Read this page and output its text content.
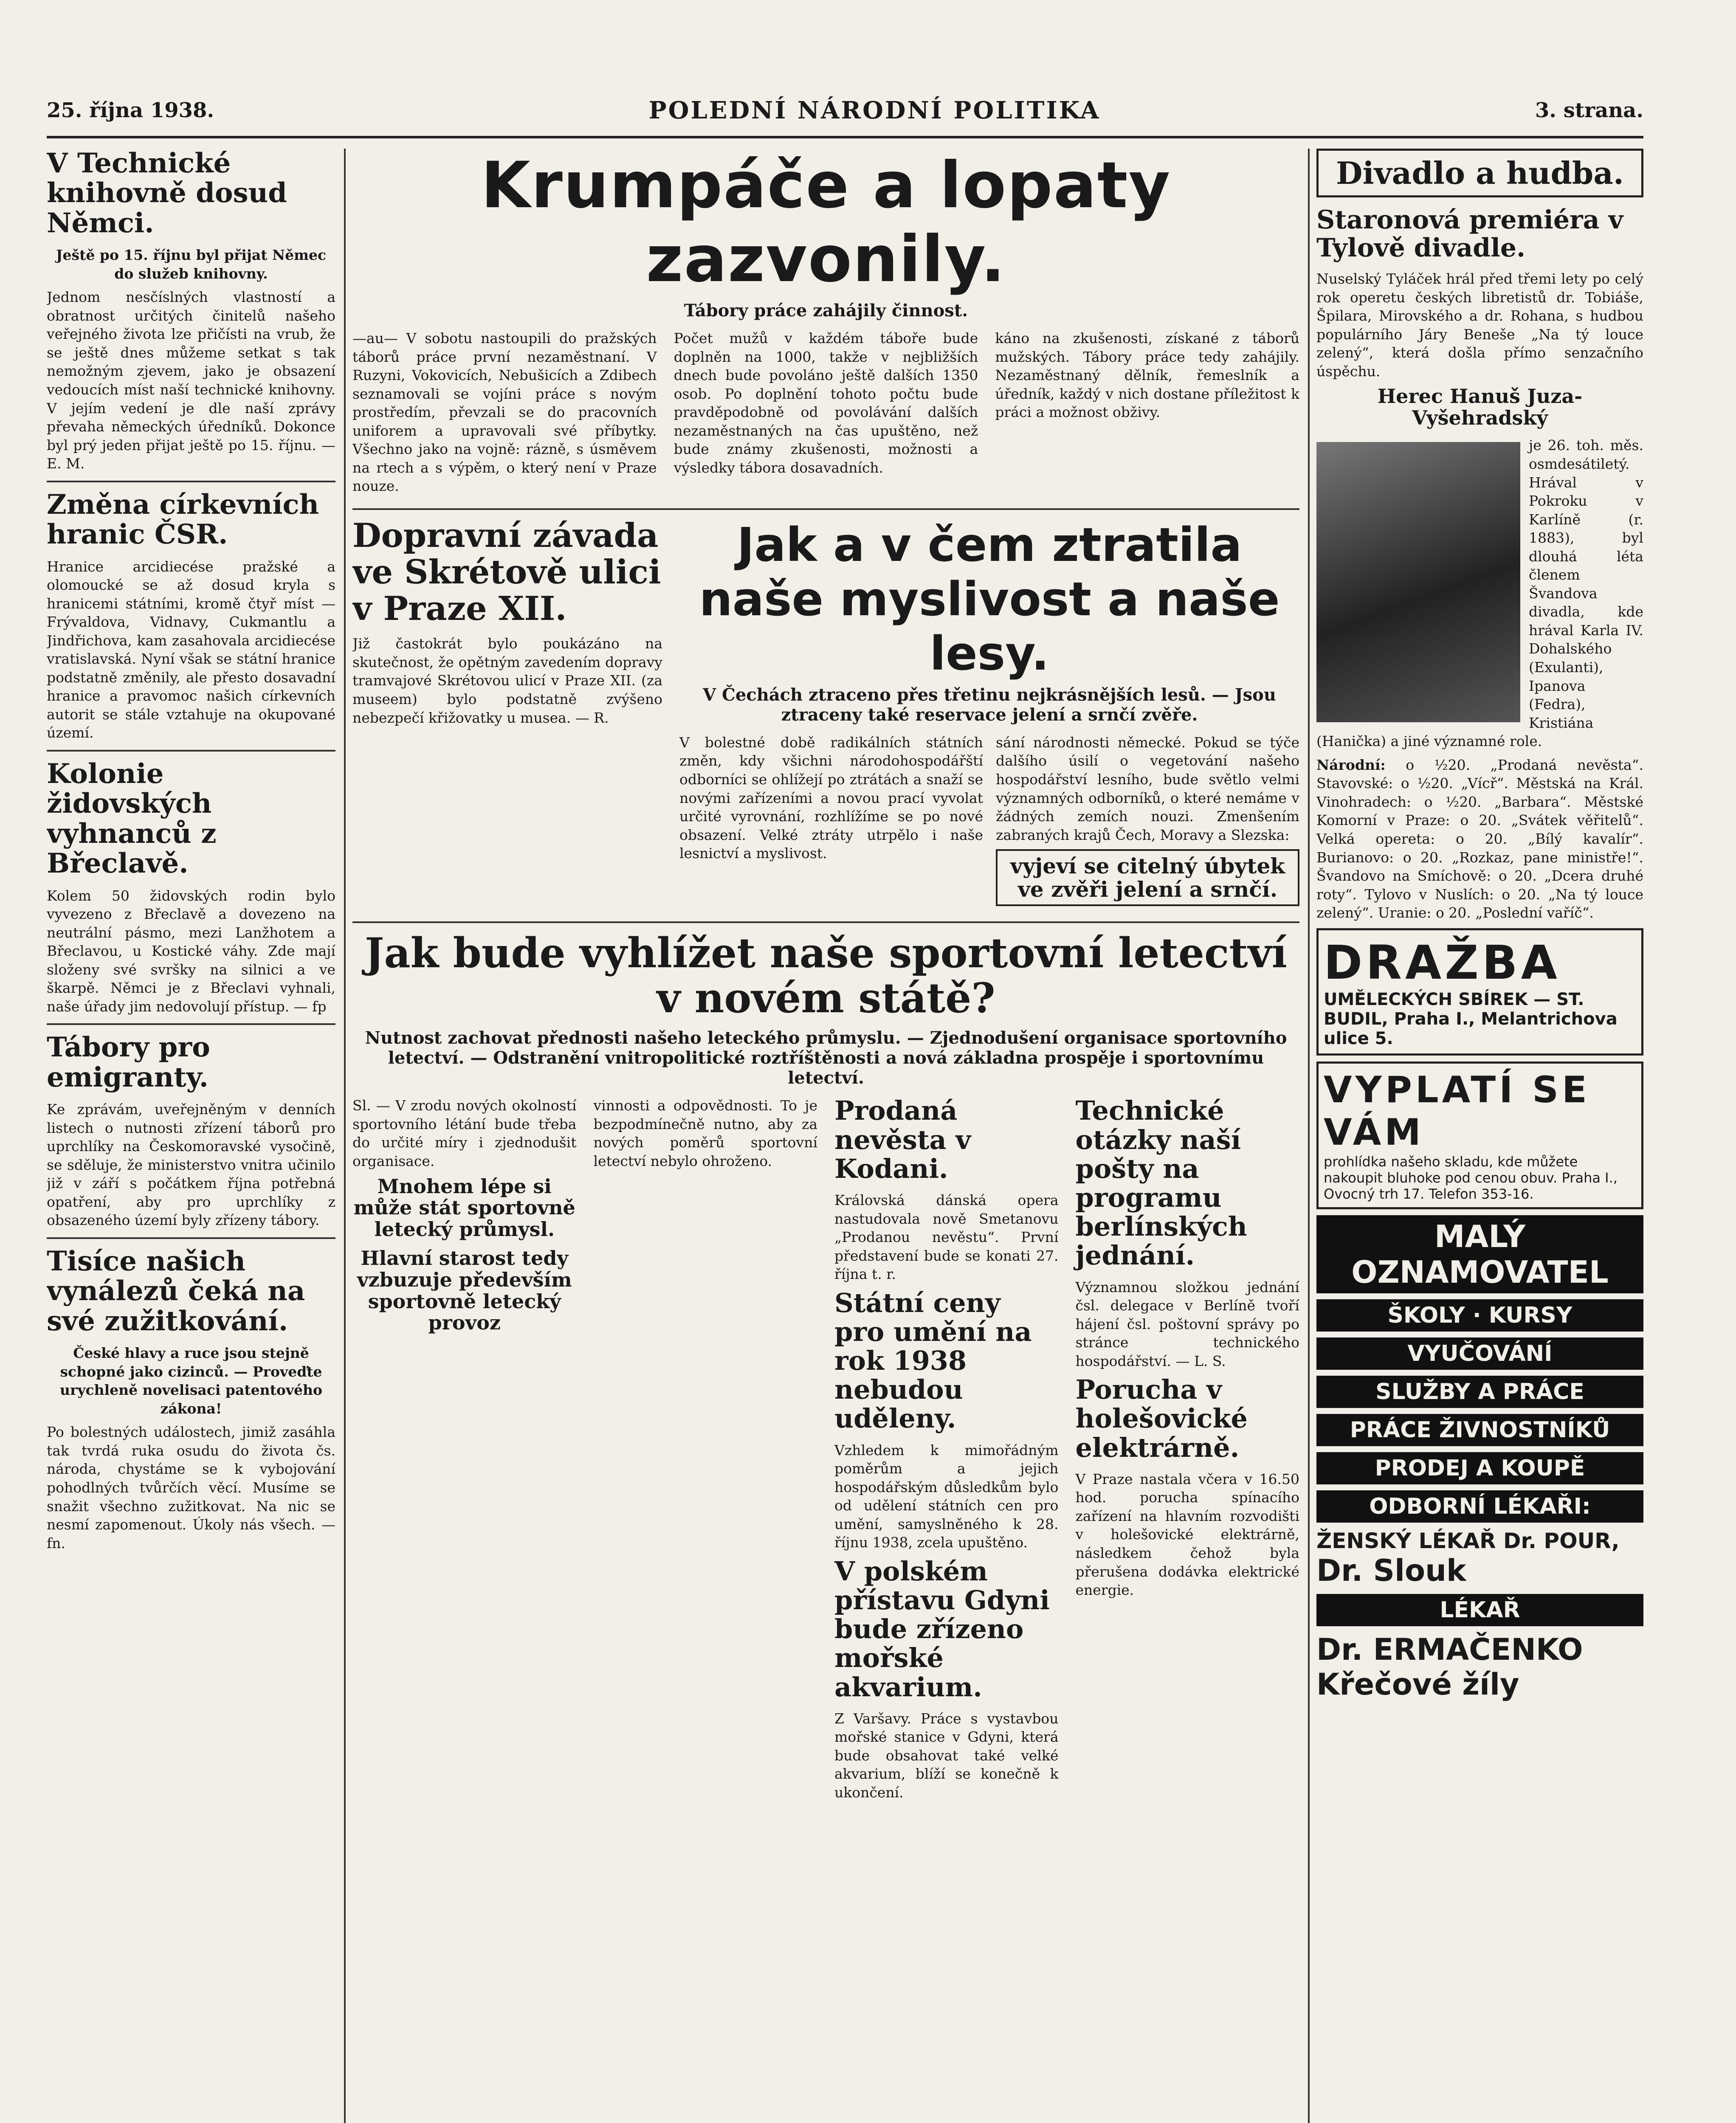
25. října 1938.	POLEDNÍ NÁRODNÍ POLITIKA	3. strana.
V Technické knihovně dosud Němci.

Ještě po 15. říjnu byl přijat Němec do služeb knihovny.

Jednom nesčíslných vlastností a obratnost určitých činitelů našeho veřejného života lze přičísti na vrub, že se ještě dnes můžeme setkat s tak nemožným zjevem, jako je obsazení vedoucích míst naší technické knihovny. V jejím vedení je dle naší zprávy převaha německých úředníků. Dokonce byl prý jeden přijat ještě po 15. říjnu. — E. M.

Změna církevních hranic ČSR.

Hranice arcidiecése pražské a olomoucké se až dosud kryla s hranicemi státními, kromě čtyř míst — Frývaldova, Vidnavy, Cukmantlu a Jindřichova, kam zasahovala arcidiecése vratislavská. Nyní však se státní hranice podstatně změnily, ale přesto dosavadní hranice a pravomoc našich církevních autorit se stále vztahuje na okupované území.

Kolonie židovských vyhnanců z Břeclavě.

Kolem 50 židovských rodin bylo vyvezeno z Břeclavě a dovezeno na neutrální pásmo, mezi Lanžhotem a Břeclavou, u Kostické váhy. Zde mají složeny své svršky na silnici a ve škarpě. Němci je z Břeclavi vyhnali, naše úřady jim nedovolují přístup. — fp

Tábory pro emigranty.

Ke zprávám, uveřejněným v denních listech o nutnosti zřízení táborů pro uprchlíky na Českomoravské vysočině, se sděluje, že ministerstvo vnitra učinilo již v září s počátkem října potřebná opatření, aby pro uprchlíky z obsazeného území byly zřízeny tábory.

Tisíce našich vynálezů čeká na své zužitkování.

České hlavy a ruce jsou stejně schopné jako cizinců. — Proveďte urychleně novelisaci patentového zákona!

Po bolestných událostech, jimiž zasáhla tak tvrdá ruka osudu do života čs. národa, chystáme se k vybojování pohodlných tvůrčích věcí. Musíme se snažit všechno zužitkovat. Na nic se nesmí zapomenout. Úkoly nás všech. — fn.

Krumpáče a lopaty zazvonily.
Tábory práce zahájily činnost.

—au— V sobotu nastoupili do pražských táborů práce první nezaměstnaní. V Ruzyni, Vokovicích, Nebušicích a Zdibech seznamovali se vojíni práce s novým prostředím, převzali se do pracovních uniforem a upravovali své příbytky. Všechno jako na vojně: rázně, s úsměvem na rtech a s výpěm, o který není v Praze nouze.

Počet mužů v každém táboře bude doplněn na 1000, takže v nejbližších dnech bude povoláno ještě dalších 1350 osob. Po doplnění tohoto počtu bude pravděpodobně od povolávání dalších nezaměstnaných na čas upuštěno, než bude známy zkušenosti, možnosti a výsledky tábora dosavadních.

káno na zkušenosti, získané z táborů mužských. Tábory práce tedy zahájily. Nezaměstnaný dělník, řemeslník a úředník, každý v nich dostane příležitost k práci a možnost obživy.

Dopravní závada ve Skrétově ulici v Praze XII.

Již častokrát bylo poukázáno na skutečnost, že opětným zavedením dopravy tramvajové Skrétovou ulicí v Praze XII. (za museem) bylo podstatně zvýšeno nebezpečí křižovatky u musea. — R.

Jak a v čem ztratila naše myslivost a naše lesy.
V Čechách ztraceno přes třetinu nejkrásnějších lesů. — Jsou ztraceny také reservace jelení a srnčí zvěře.

V bolestné době radikálních státních změn, kdy všichni národohospodářští odborníci se ohlížejí po ztrátách a snaží se novými zařízeními a novou prací vyvolat určité vyrovnání, rozhlížíme se po nové obsazení. Velké ztráty utrpělo i naše lesnictví a myslivost.

sání národnosti německé. Pokud se týče dalšího úsilí o vegetování našeho hospodářství lesního, bude světlo velmi významných odborníků, o které nemáme v žádných zemích nouzi. Zmenšením zabraných krajů Čech, Moravy a Slezska:

vyjeví se citelný úbytek ve zvěři jelení a srnčí.
Jak bude vyhlížet naše sportovní letectví v novém státě?
Nutnost zachovat přednosti našeho leteckého průmyslu. — Zjednodušení organisace sportovního letectví. — Odstranění vnitropolitické roztříštěnosti a nová základna prospěje i sportovnímu letectví.

Sl. — V zrodu nových okolností sportovního létání bude třeba do určité míry i zjednodušit organisace.

Mnohem lépe si může stát sportovně letecký průmysl.
Hlavní starost tedy vzbuzuje především sportovně letecký provoz

vinnosti a odpovědnosti. To je bezpodmínečně nutno, aby za nových poměrů sportovní letectví nebylo ohroženo.

Prodaná nevěsta v Kodani.

Královská dánská opera nastudovala nově Smetanovu „Prodanou nevěstu“. První představení bude se konati 27. října t. r.

Státní ceny pro umění na rok 1938 nebudou uděleny.

Vzhledem k mimořádným poměrům a jejich hospodářským důsledkům bylo od udělení státních cen pro umění, samyslněného k 28. říjnu 1938, zcela upuštěno.

V polském přístavu Gdyni bude zřízeno mořské akvarium.

Z Varšavy. Práce s vystavbou mořské stanice v Gdyni, která bude obsahovat také velké akvarium, blíží se konečně k ukončení.

Technické otázky naší pošty na programu berlínských jednání.

Významnou složkou jednání čsl. delegace v Berlíně tvoří hájení čsl. poštovní správy po stránce technického hospodářství. — L. S.

Porucha v holešovické elektrárně.

V Praze nastala včera v 16.50 hod. porucha spínacího zařízení na hlavním rozvodišti v holešovické elektrárně, následkem čehož byla přerušena dodávka elektrické energie.

Divadlo a hudba.
Staronová premiéra v Tylově divadle.

Nuselský Tyláček hrál před třemi lety po celý rok operetu českých libretistů dr. Tobiáše, Špilara, Mirovského a dr. Rohana, s hudbou populárního Járy Beneše „Na tý louce zelený“, která došla přímo senzačního úspěchu.

Herec Hanuš Juza-Vyšehradský

je 26. toh. měs. osmdesátiletý. Hrával v Pokroku v Karlíně (r. 1883), byl dlouhá léta členem Švandova divadla, kde hrával Karla IV. Dohalského (Exulanti), Ipanova (Fedra), Kristiána (Hanička) a jiné významné role.

Národní: o ½20. „Prodaná nevěsta“. Stavovské: o ½20. „Vícř“. Městská na Král. Vinohradech: o ½20. „Barbara“. Městské Komorní v Praze: o 20. „Svátek věřitelů“. Velká opereta: o 20. „Bílý kavalír“. Burianovo: o 20. „Rozkaz, pane ministře!“. Švandovo na Smíchově: o 20. „Dcera druhé roty“. Tylovo v Nuslích: o 20. „Na tý louce zelený“. Uranie: o 20. „Poslední vaříč“.

DRAŽBA
UMĚLECKÝCH SBÍREK — ST. BUDIL, Praha I., Melantrichova ulice 5.
VYPLATÍ SE VÁM
prohlídka našeho skladu, kde můžete nakoupit bluhoke pod cenou obuv. Praha I., Ovocný trh 17. Telefon 353-16.
MALÝ OZNAMOVATEL
ŠKOLY · KURSY
VYUČOVÁNÍ
SLUŽBY A PRÁCE
PRÁCE ŽIVNOSTNÍKŮ
PRODEJ A KOUPĚ
ODBORNÍ LÉKAŘI:
ŽENSKÝ LÉKAŘ Dr. POUR,
Dr. Slouk
LÉKAŘ
Dr. ERMAČENKO
Křečové žíly
